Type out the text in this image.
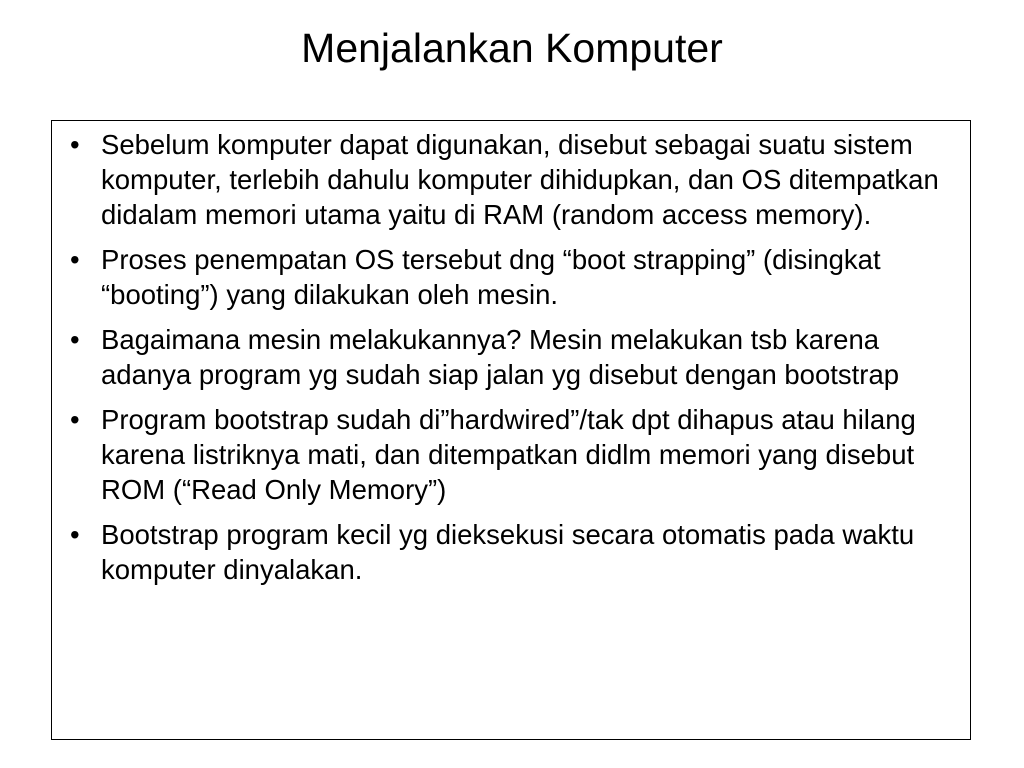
Menjalankan Komputer
• Sebelum komputer dapat digunakan, disebut sebagai suatu sistem komputer, terlebih dahulu komputer dihidupkan, dan OS ditempatkan didalam memori utama yaitu di RAM (random access memory).
• Proses penempatan OS tersebut dng “boot strapping” (disingkat “booting”) yang dilakukan oleh mesin.
• Bagaimana mesin melakukannya? Mesin melakukan tsb karena adanya program yg sudah siap jalan yg disebut dengan bootstrap
• Program bootstrap sudah di”hardwired”/tak dpt dihapus atau hilang karena listriknya mati, dan ditempatkan didlm memori yang disebut ROM (“Read Only Memory”)
• Bootstrap program kecil yg dieksekusi secara otomatis pada waktu komputer dinyalakan.
